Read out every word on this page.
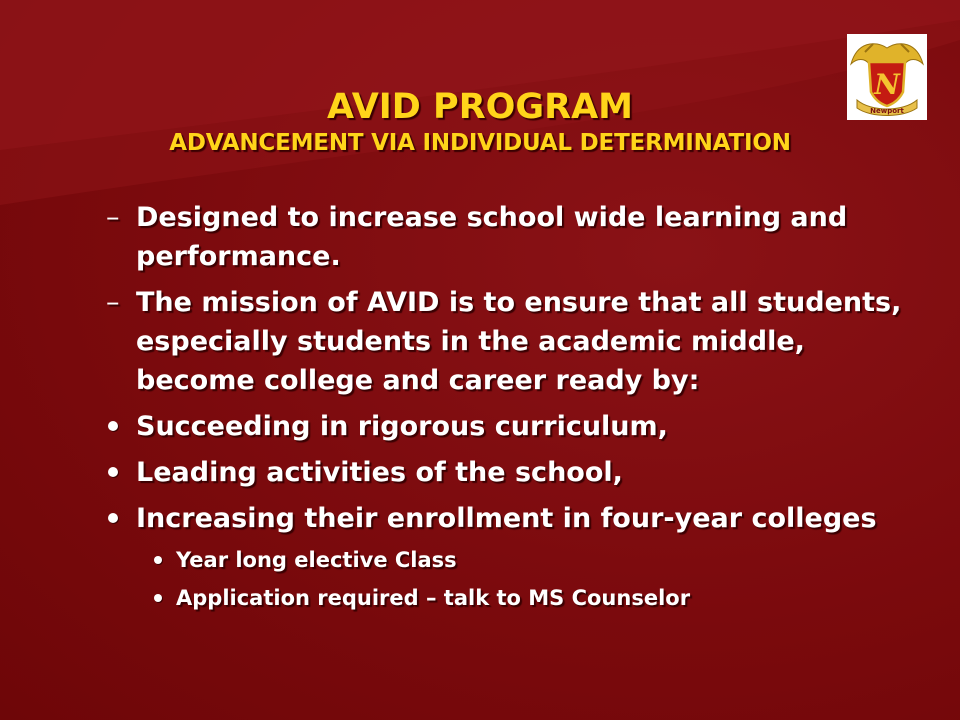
N
Newport
AVID PROGRAM
ADVANCEMENT VIA INDIVIDUAL DETERMINATION
– Designed to increase school wide learning and performance.
– The mission of AVID is to ensure that all students, especially students in the academic middle, become college and career ready by:
Succeeding in rigorous curriculum,
Leading activities of the school,
Increasing their enrollment in four-year colleges
Year long elective Class
Application required – talk to MS Counselor
